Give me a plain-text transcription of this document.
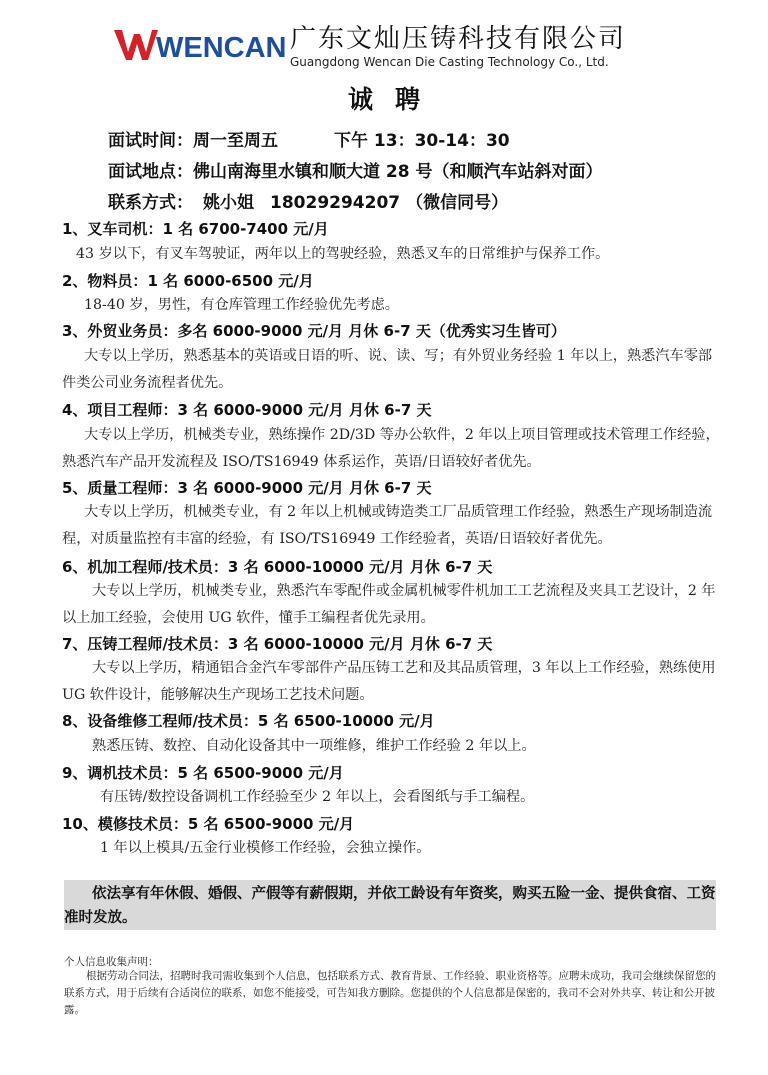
WENCAN 广东文灿压铸科技有限公司
Guangdong Wencan Die Casting Technology Co., Ltd.
诚聘
面试时间：周一至周五	下午 13：30-14：30
面试地点：佛山南海里水镇和顺大道 28 号（和顺汽车站斜对面）
联系方式： 姚小姐 18029294207 （微信同号）
1、叉车司机：1 名 6700-7400 元/月
43 岁以下，有叉车驾驶证，两年以上的驾驶经验，熟悉叉车的日常维护与保养工作。
2、物料员：1 名 6000-6500 元/月
18-40 岁，男性，有仓库管理工作经验优先考虑。
3、外贸业务员：多名 6000-9000 元/月 月休 6-7 天（优秀实习生皆可）
大专以上学历，熟悉基本的英语或日语的听、说、读、写；有外贸业务经验 1 年以上，熟悉汽车零部件类公司业务流程者优先。
4、项目工程师：3 名 6000-9000 元/月 月休 6-7 天
大专以上学历，机械类专业，熟练操作 2D/3D 等办公软件，2 年以上项目管理或技术管理工作经验，熟悉汽车产品开发流程及 ISO/TS16949 体系运作，英语/日语较好者优先。
5、质量工程师：3 名 6000-9000 元/月 月休 6-7 天
大专以上学历，机械类专业，有 2 年以上机械或铸造类工厂品质管理工作经验，熟悉生产现场制造流程，对质量监控有丰富的经验，有 ISO/TS16949 工作经验者，英语/日语较好者优先。
6、机加工程师/技术员：3 名 6000-10000 元/月 月休 6-7 天
大专以上学历，机械类专业，熟悉汽车零配件或金属机械零件机加工工艺流程及夹具工艺设计，2 年以上加工经验，会使用 UG 软件，懂手工编程者优先录用。
7、压铸工程师/技术员：3 名 6000-10000 元/月 月休 6-7 天
大专以上学历，精通铝合金汽车零部件产品压铸工艺和及其品质管理，3 年以上工作经验，熟练使用 UG 软件设计，能够解决生产现场工艺技术问题。
8、设备维修工程师/技术员：5 名 6500-10000 元/月
熟悉压铸、数控、自动化设备其中一项维修，维护工作经验 2 年以上。
9、调机技术员：5 名 6500-9000 元/月
有压铸/数控设备调机工作经验至少 2 年以上，会看图纸与手工编程。
10、模修技术员：5 名 6500-9000 元/月
1 年以上模具/五金行业模修工作经验，会独立操作。
依法享有年休假、婚假、产假等有薪假期，并依工龄设有年资奖，购买五险一金、提供食宿、工资准时发放。
个人信息收集声明：
根据劳动合同法，招聘时我司需收集到个人信息，包括联系方式、教育背景、工作经验、职业资格等。应聘未成功，我司会继续保留您的联系方式，用于后续有合适岗位的联系，如您不能接受，可告知我方删除。您提供的个人信息都是保密的，我司不会对外共享、转让和公开披露。
